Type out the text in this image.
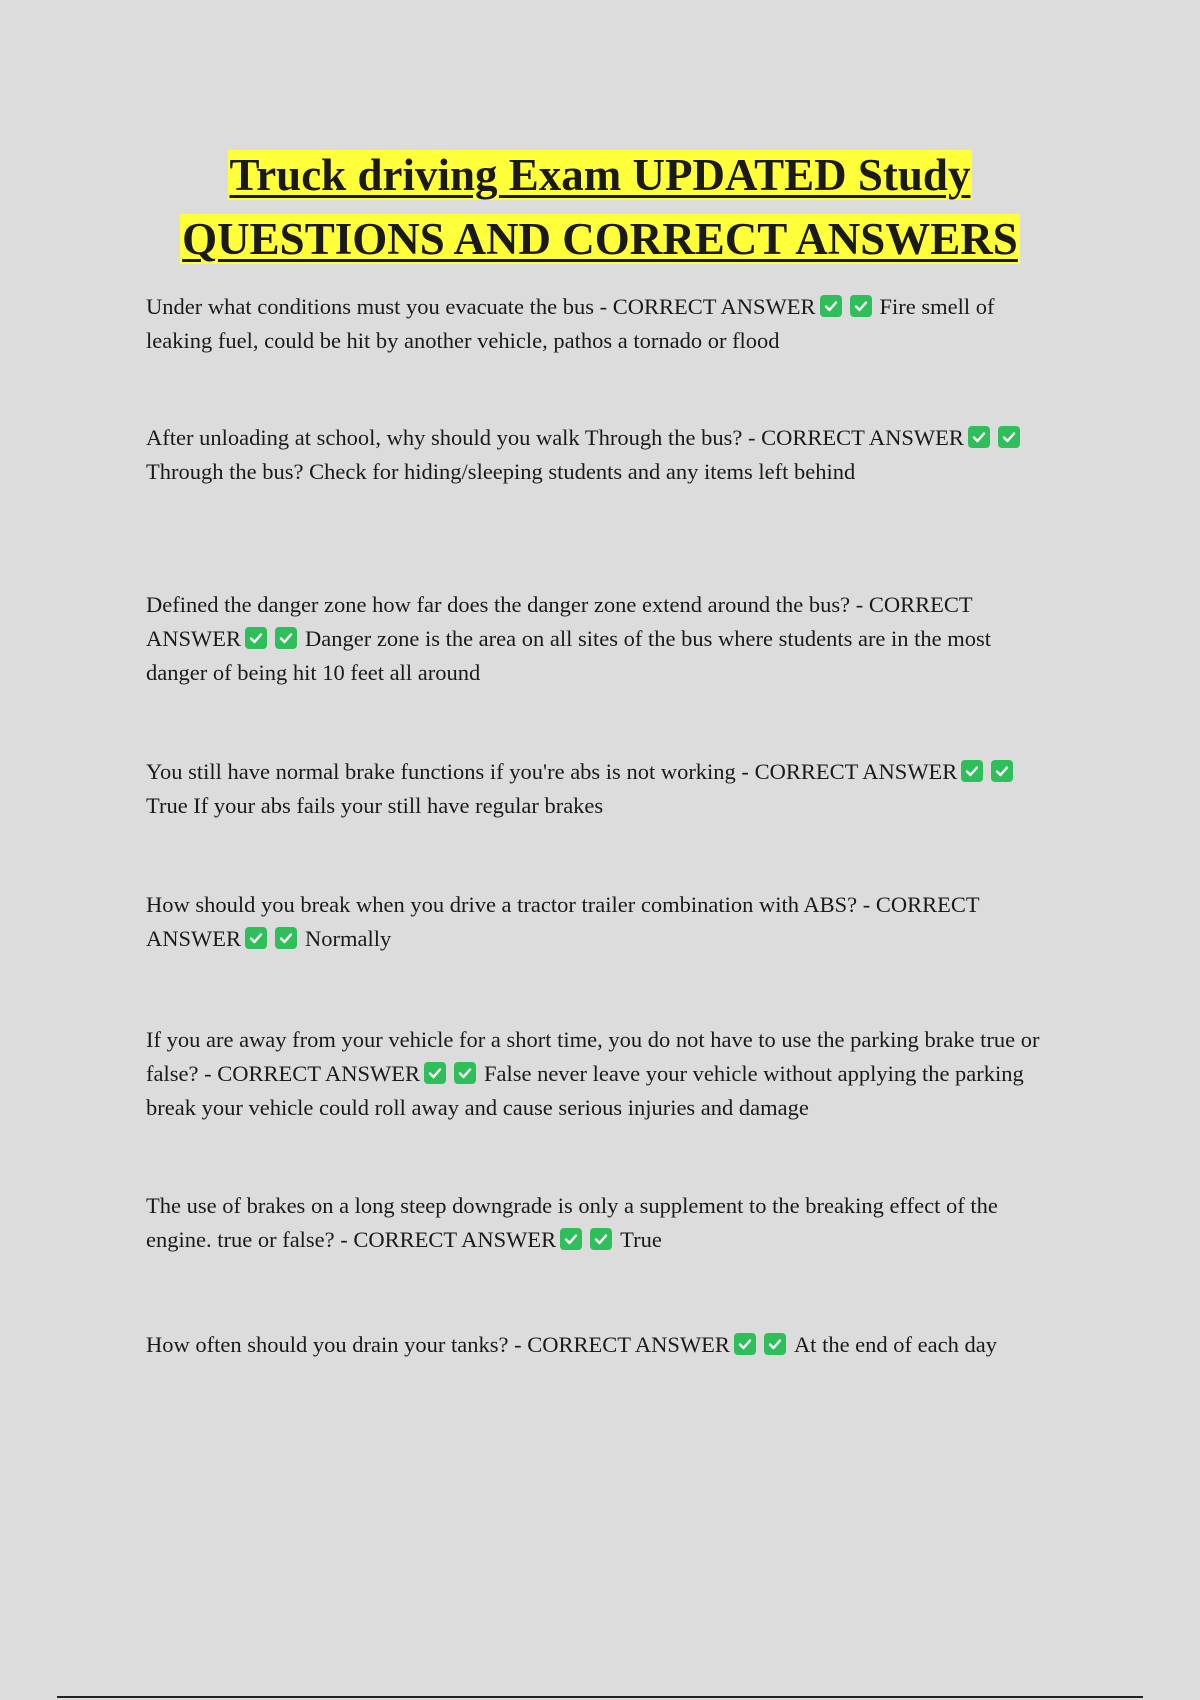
Truck driving Exam UPDATED Study
QUESTIONS AND CORRECT ANSWERS

Under what conditions must you evacuate the bus - CORRECT ANSWER	Fire smell of leaking fuel, could be hit by another vehicle, pathos a tornado or flood

After unloading at school, why should you walk Through the bus? - CORRECT ANSWER
Through the bus? Check for hiding/sleeping students and any items left behind

Defined the danger zone how far does the danger zone extend around the bus? - CORRECT ANSWER	Danger zone is the area on all sites of the bus where students are in the most danger of being hit 10 feet all around

You still have normal brake functions if you're abs is not working - CORRECT ANSWER
True If your abs fails your still have regular brakes

How should you break when you drive a tractor trailer combination with ABS? - CORRECT ANSWER	Normally

If you are away from your vehicle for a short time, you do not have to use the parking brake true or false? - CORRECT ANSWER	False never leave your vehicle without applying the parking break your vehicle could roll away and cause serious injuries and damage

The use of brakes on a long steep downgrade is only a supplement to the breaking effect of the engine. true or false? - CORRECT ANSWER	True

How often should you drain your tanks? - CORRECT ANSWER	At the end of each day
